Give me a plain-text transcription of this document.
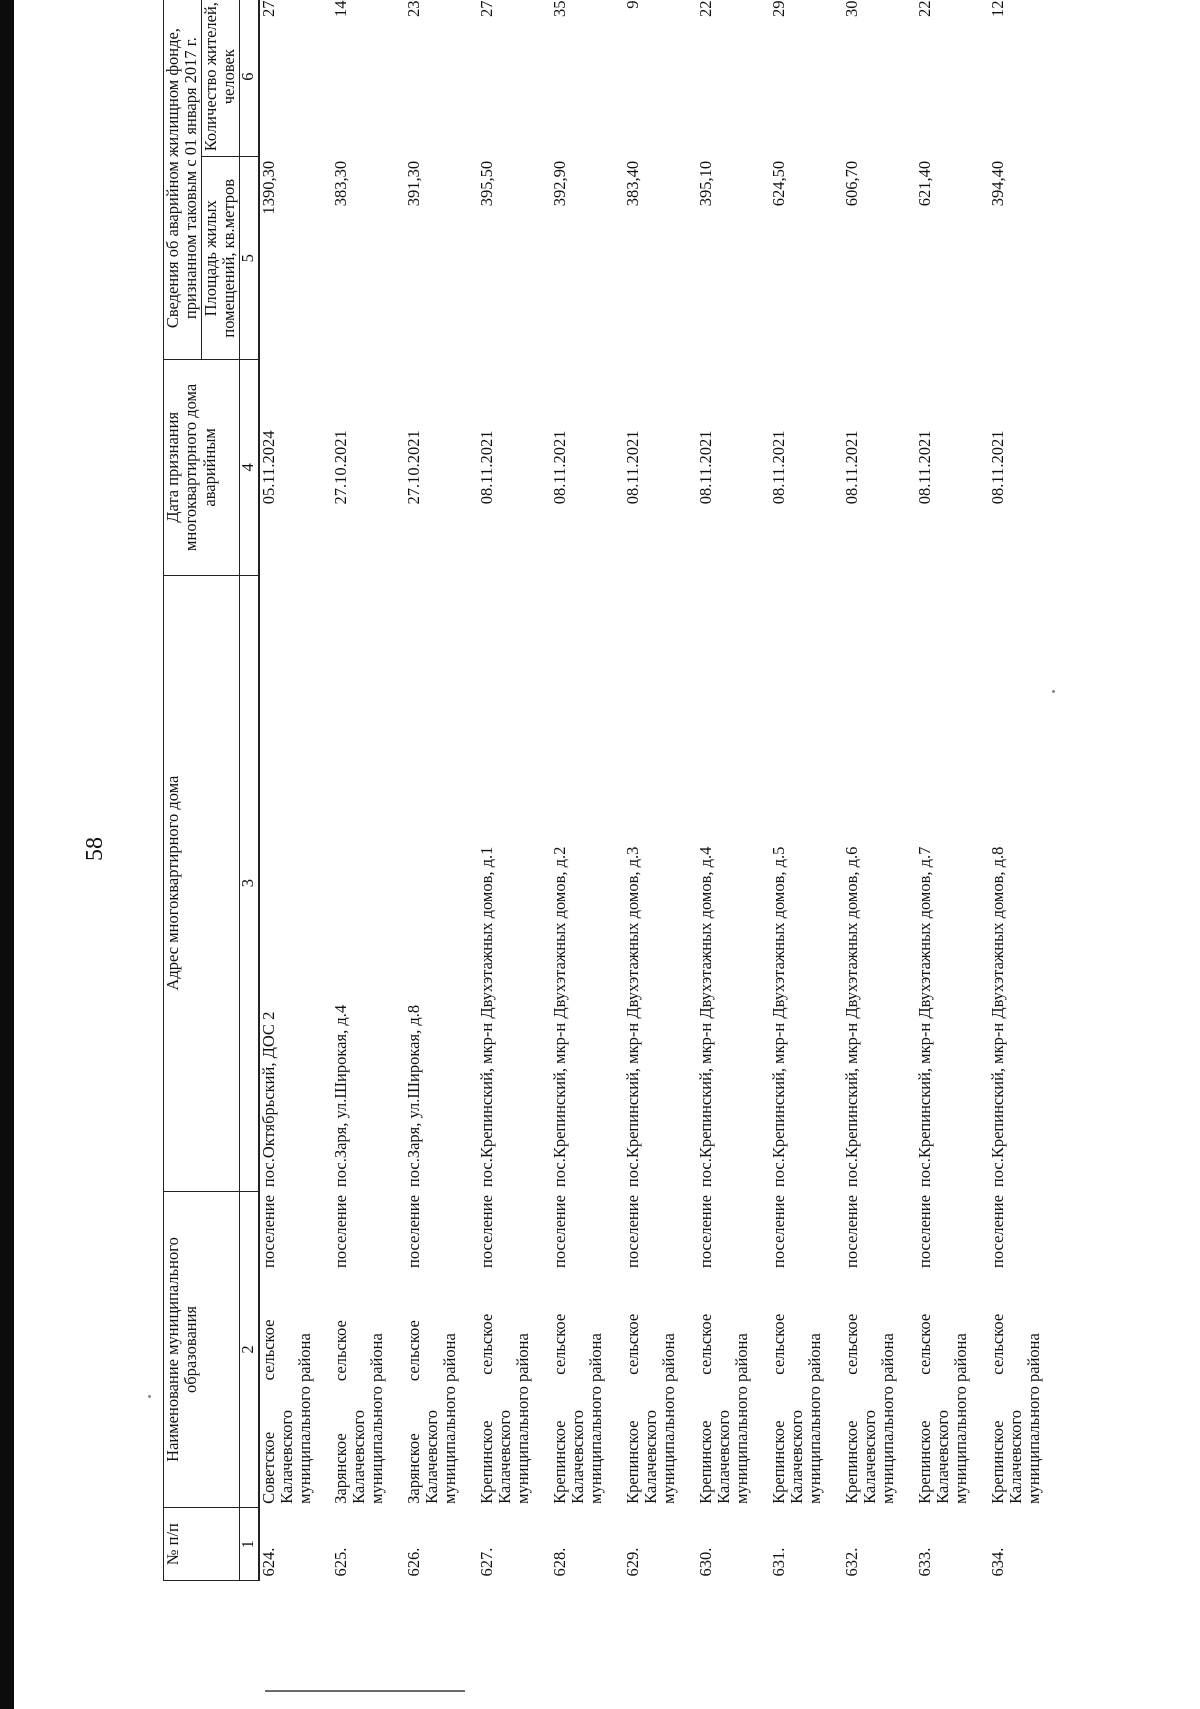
58
№ п/п	Наименование муниципального образования	Адрес многоквартирного дома	Дата признания многоквартирного дома аварийным	Сведения об аварийном жилищном фонде, признанном таковым с 01 января 2017 г.	
				Площадь жилых помещений, кв.метров	Количество жителей, человек
1	2	3	4	5	6
624.	Советское сельское поселение Калачевского муниципального района	пос.Октябрьский, ДОС 2	05.11.2024	1390,30	27
625.	Зарянское сельское поселение Калачевского муниципального района	пос.Заря, ул.Широкая, д.4	27.10.2021	383,30	14
626.	Зарянское сельское поселение Калачевского муниципального района	пос.Заря, ул.Широкая, д.8	27.10.2021	391,30	23
627.	Крепинское сельское поселение Калачевского муниципального района	пос.Крепинский, мкр-н Двухэтажных домов, д.1	08.11.2021	395,50	27
628.	Крепинское сельское поселение Калачевского муниципального района	пос.Крепинский, мкр-н Двухэтажных домов, д.2	08.11.2021	392,90	35
629.	Крепинское сельское поселение Калачевского муниципального района	пос.Крепинский, мкр-н Двухэтажных домов, д.3	08.11.2021	383,40	9
630.	Крепинское сельское поселение Калачевского муниципального района	пос.Крепинский, мкр-н Двухэтажных домов, д.4	08.11.2021	395,10	22
631.	Крепинское сельское поселение Калачевского муниципального района	пос.Крепинский, мкр-н Двухэтажных домов, д.5	08.11.2021	624,50	29
632.	Крепинское сельское поселение Калачевского муниципального района	пос.Крепинский, мкр-н Двухэтажных домов, д.6	08.11.2021	606,70	30
633.	Крепинское сельское поселение Калачевского муниципального района	пос.Крепинский, мкр-н Двухэтажных домов, д.7	08.11.2021	621,40	22
634.	Крепинское сельское поселение Калачевского муниципального района	пос.Крепинский, мкр-н Двухэтажных домов, д.8	08.11.2021	394,40	12
